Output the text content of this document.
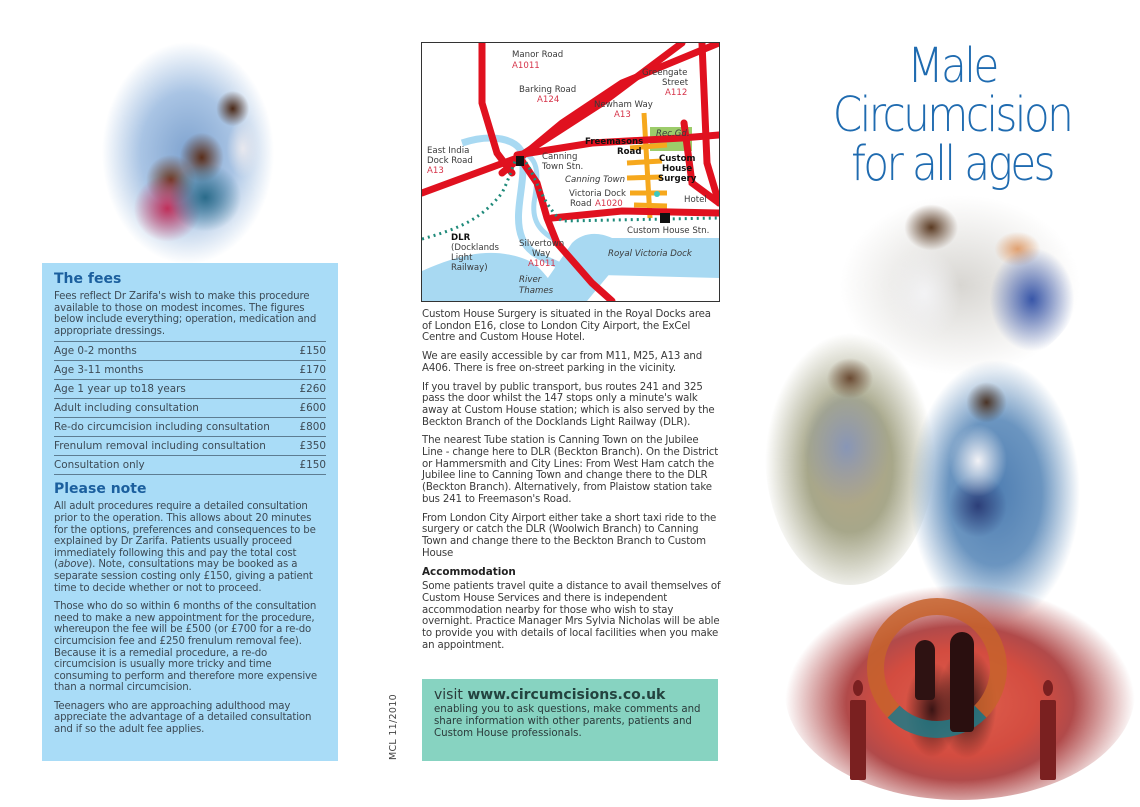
The fees

Fees reflect Dr Zarifa's wish to make this procedure available to those on modest incomes. The figures below include everything; operation, medication and appropriate dressings.

Age 0-2 months	£150
Age 3-11 months	£170
Age 1 year up to18 years	£260
Adult including consultation	£600
Re-do circumcision including consultation	£800
Frenulum removal including consultation	£350
Consultation only	£150
Please note

All adult procedures require a detailed consultation prior to the operation. This allows about 20 minutes for the options, preferences and consequences to be explained by Dr Zarifa. Patients usually proceed immediately following this and pay the total cost (above). Note, consultations may be booked as a separate session costing only £150, giving a patient time to decide whether or not to proceed.

Those who do so within 6 months of the consultation need to make a new appointment for the procedure, whereupon the fee will be £500 (or £700 for a re-do circumcision fee and £250 frenulum removal fee). Because it is a remedial procedure, a re-do circumcision is usually more tricky and time consuming to perform and therefore more expensive than a normal circumcision.

Teenagers who are approaching adulthood may appreciate the advantage of a detailed consultation and if so the adult fee applies.

Manor Road
A1011
Greengate
Street
A112
Barking Road
A124	Newham Way
A13
Rec.Gd.
Freemasons
Road
East India
Dock Road
A13
Canning
Town Stn.
Custom
House
Surgery
Canning Town
Victoria Dock
Road A1020	Hotel
Custom House Stn.
DLR
(Docklands
Light
Railway)
Silvertown
Way
A1011
Royal Victoria Dock
River
Thames

Custom House Surgery is situated in the Royal Docks area of London E16, close to London City Airport, the ExCel Centre and Custom House Hotel.

We are easily accessible by car from M11, M25, A13 and A406. There is free on-street parking in the vicinity.

If you travel by public transport, bus routes 241 and 325 pass the door whilst the 147 stops only a minute's walk away at Custom House station; which is also served by the Beckton Branch of the Docklands Light Railway (DLR).

The nearest Tube station is Canning Town on the Jubilee Line - change here to DLR (Beckton Branch). On the District or Hammersmith and City Lines: From West Ham catch the Jubilee line to Canning Town and change there to the DLR (Beckton Branch). Alternatively, from Plaistow station take bus 241 to Freemason's Road.

From London City Airport either take a short taxi ride to the surgery or catch the DLR (Woolwich Branch) to Canning Town and change there to the Beckton Branch to Custom House

Accommodation

Some patients travel quite a distance to avail themselves of Custom House Services and there is independent accommodation nearby for those who wish to stay overnight. Practice Manager Mrs Sylvia Nicholas will be able to provide you with details of local facilities when you make an appointment.

MCL 11/2010	visit www.circumcisions.co.uk

enabling you to ask questions, make comments and share information with other parents, patients and Custom House professionals.

Male
Circumcision
for all ages
